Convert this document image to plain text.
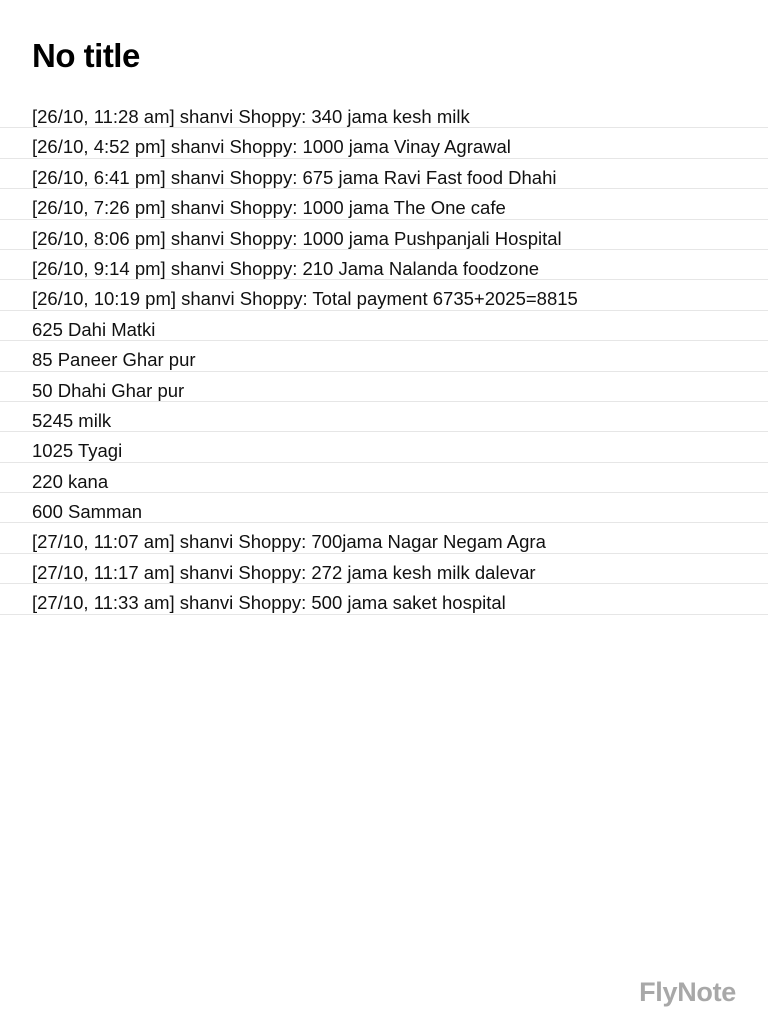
No title
[26/10, 11:28 am] shanvi Shoppy: 340 jama kesh milk
[26/10, 4:52 pm] shanvi Shoppy: 1000 jama Vinay Agrawal
[26/10, 6:41 pm] shanvi Shoppy: 675 jama Ravi Fast food Dhahi
[26/10, 7:26 pm] shanvi Shoppy: 1000 jama The One cafe
[26/10, 8:06 pm] shanvi Shoppy: 1000 jama Pushpanjali Hospital
[26/10, 9:14 pm] shanvi Shoppy: 210 Jama Nalanda foodzone
[26/10, 10:19 pm] shanvi Shoppy: Total payment 6735+2025=8815
625 Dahi Matki
85 Paneer Ghar pur
50 Dhahi Ghar pur
5245 milk
1025 Tyagi
220 kana
600 Samman
[27/10, 11:07 am] shanvi Shoppy: 700jama Nagar Negam Agra
[27/10, 11:17 am] shanvi Shoppy: 272 jama kesh milk dalevar
[27/10, 11:33 am] shanvi Shoppy: 500 jama saket hospital
FlyNote
